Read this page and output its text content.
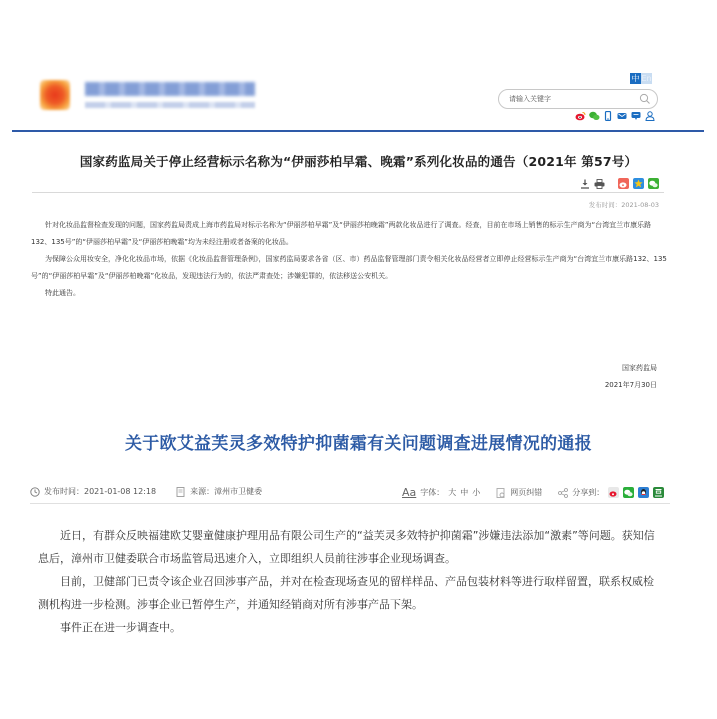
中 En
请输入关键字
国家药监局关于停止经营标示名称为“伊丽莎柏早霜、晚霜”系列化妆品的通告（2021年 第57号）
发布时间：2021-08-03

针对化妆品监督检查发现的问题，国家药监局责成上海市药监局对标示名称为“伊丽莎柏早霜”及“伊丽莎柏晚霜”两款化妆品进行了调查。经查，目前在市场上销售的标示生产商为“台湾宜兰市康乐路132、135号”的“伊丽莎柏早霜”及“伊丽莎柏晚霜”均为未经注册或者备案的化妆品。

为保障公众用妆安全，净化化妆品市场，依据《化妆品监督管理条例》，国家药监局要求各省（区、市）药品监督管理部门责令相关化妆品经营者立即停止经营标示生产商为“台湾宜兰市康乐路132、135号”的“伊丽莎柏早霜”及“伊丽莎柏晚霜”化妆品，发现违法行为的，依法严肃查处；涉嫌犯罪的，依法移送公安机关。

特此通告。

国家药监局
2021年7月30日
关于欧艾益芙灵多效特护抑菌霜有关问题调查进展情况的通报
发布时间：2021-01-08 12:18	来源：漳州市卫健委	Aa 字体： 大 中 小	网页纠错	分享到：

近日，有群众反映福建欧艾婴童健康护理用品有限公司生产的“益芙灵多效特护抑菌霜”涉嫌违法添加“激素”等问题。获知信息后，漳州市卫健委联合市场监管局迅速介入，立即组织人员前往涉事企业现场调查。

目前，卫健部门已责令该企业召回涉事产品，并对在检查现场查见的留样样品、产品包装材料等进行取样留置，联系权威检测机构进一步检测。涉事企业已暂停生产，并通知经销商对所有涉事产品下架。

事件正在进一步调查中。
